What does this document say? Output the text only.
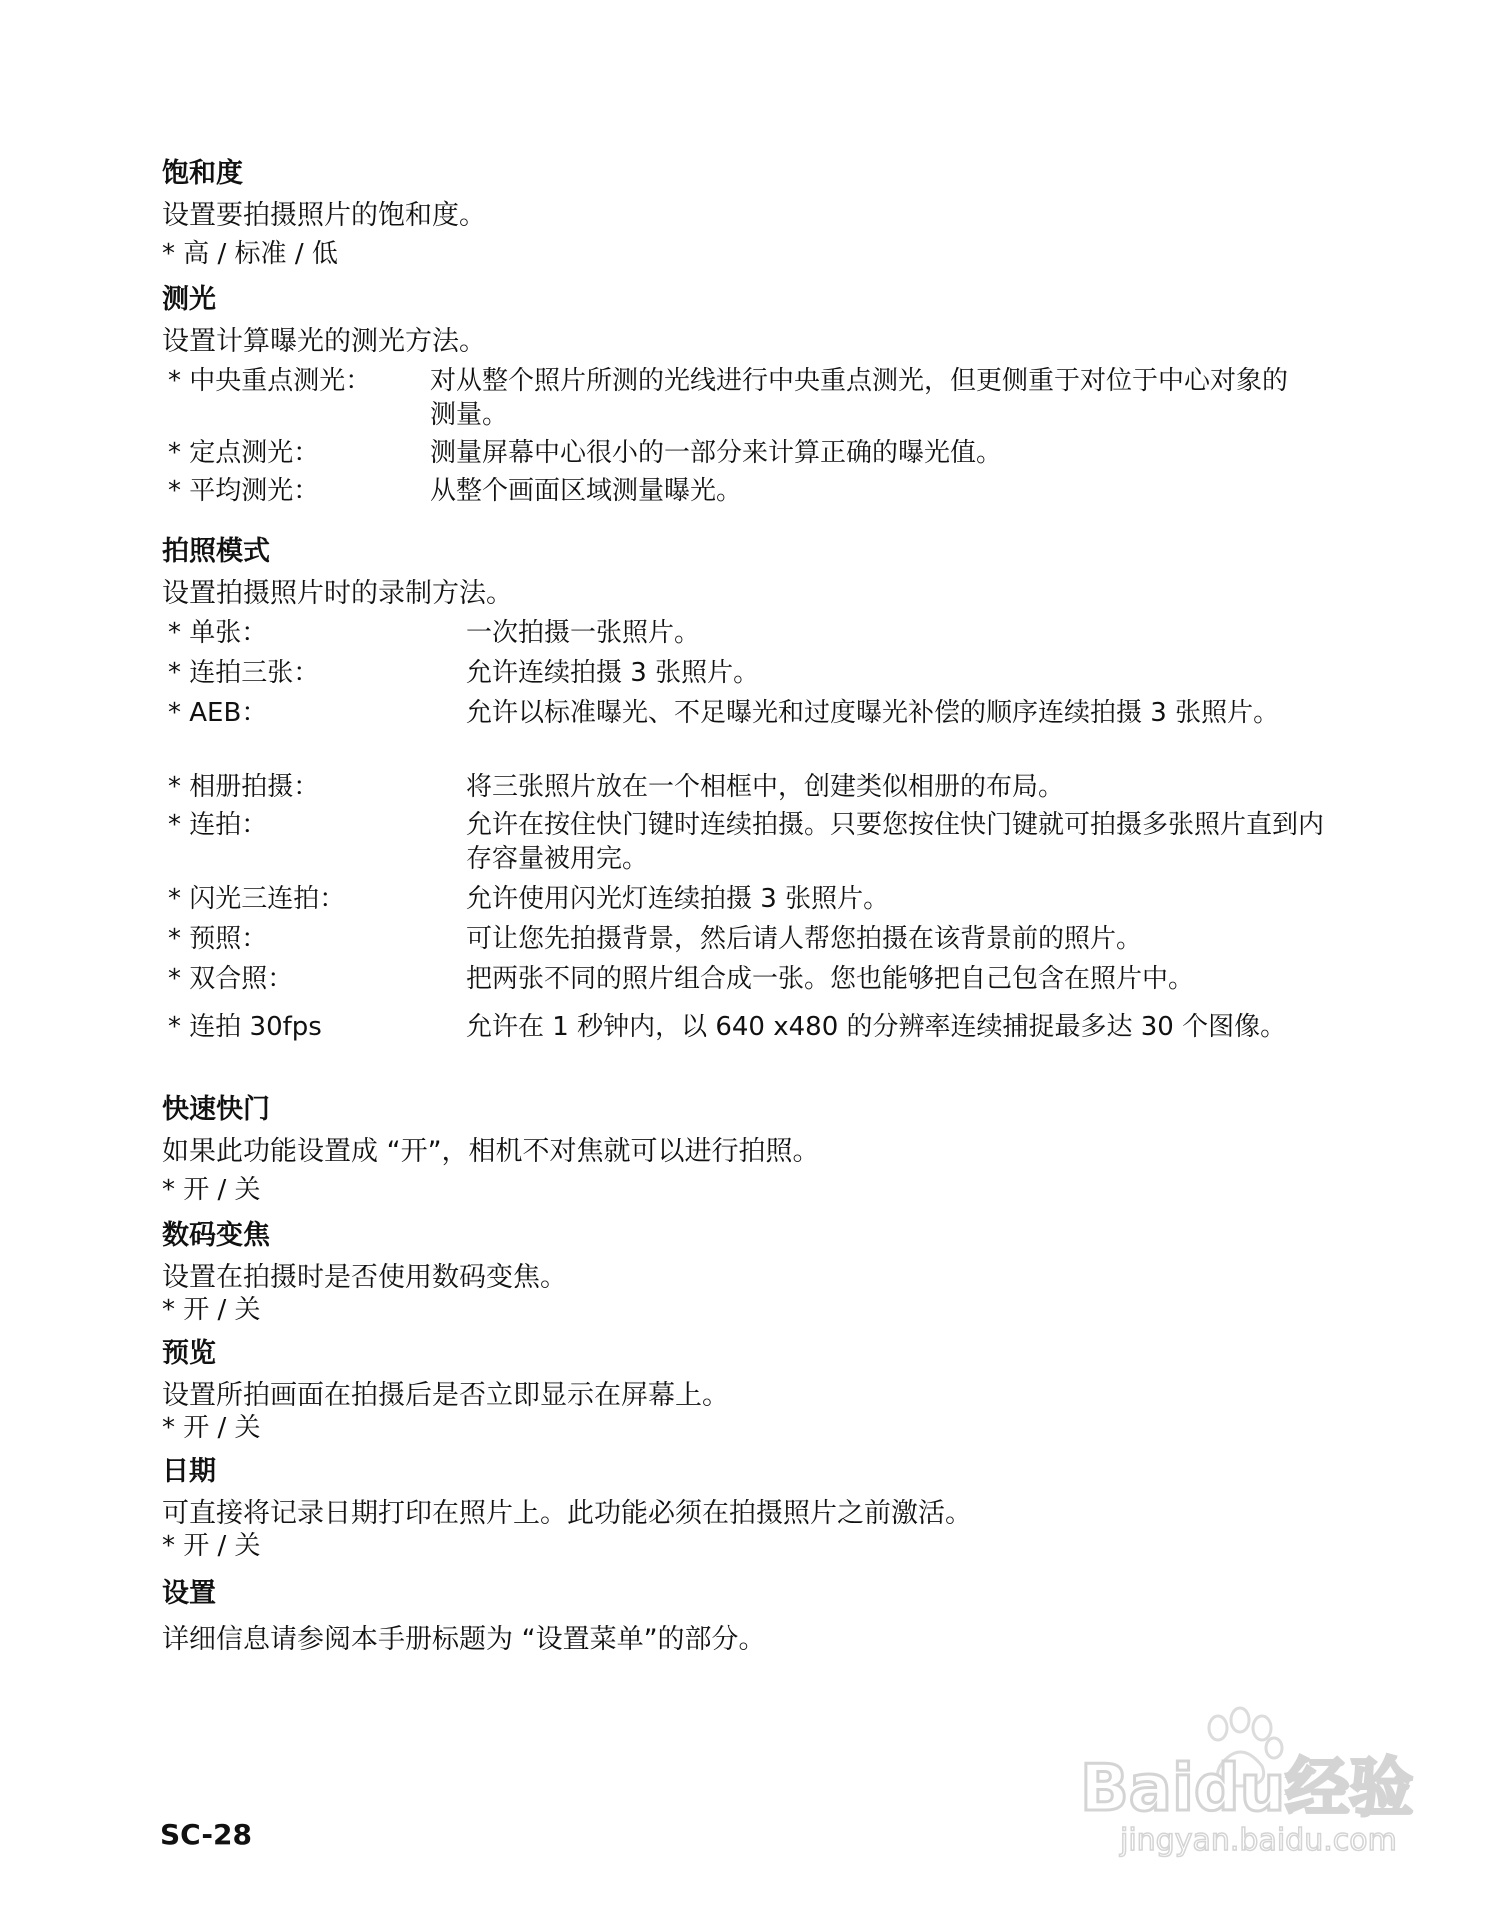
饱和度
设置要拍摄照片的饱和度。
* 高 / 标准 / 低
测光
设置计算曝光的测光方法。
* 中央重点测光： 对从整个照片所测的光线进行中央重点测光，但更侧重于对位于中心对象的测量。
* 定点测光：	测量屏幕中心很小的一部分来计算正确的曝光值。
* 平均测光：	从整个画面区域测量曝光。
拍照模式
设置拍摄照片时的录制方法。
* 单张：	一次拍摄一张照片。
* 连拍三张：	允许连续拍摄 3 张照片。
* AEB：	允许以标准曝光、不足曝光和过度曝光补偿的顺序连续拍摄 3 张照片。
* 相册拍摄：	将三张照片放在一个相框中，创建类似相册的布局。
* 连拍：	允许在按住快门键时连续拍摄。只要您按住快门键就可拍摄多张照片直到内存容量被用完。
* 闪光三连拍：	允许使用闪光灯连续拍摄 3 张照片。
* 预照：	可让您先拍摄背景，然后请人帮您拍摄在该背景前的照片。
* 双合照：	把两张不同的照片组合成一张。您也能够把自己包含在照片中。
* 连拍 30fps	允许在 1 秒钟内，以 640 x480 的分辨率连续捕捉最多达 30 个图像。
快速快门
如果此功能设置成 “开”，相机不对焦就可以进行拍照。
* 开 / 关
数码变焦
设置在拍摄时是否使用数码变焦。
* 开 / 关
预览
设置所拍画面在拍摄后是否立即显示在屏幕上。
* 开 / 关
日期
可直接将记录日期打印在照片上。此功能必须在拍摄照片之前激活。
* 开 / 关
设置
详细信息请参阅本手册标题为 “设置菜单”的部分。
SC-28
Baidu经验
jingyan.baidu.com
